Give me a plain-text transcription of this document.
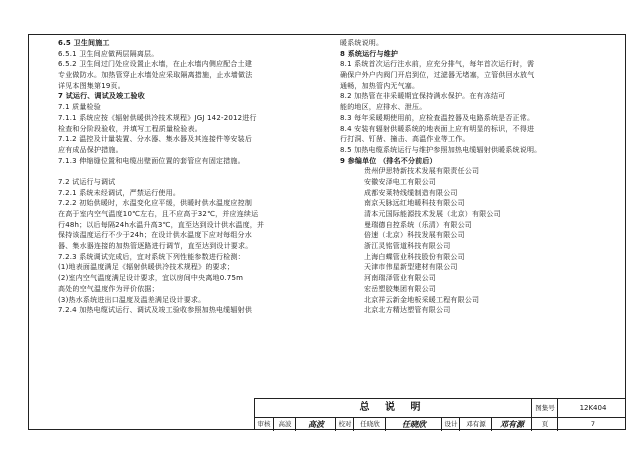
6.5 卫生间施工
6.5.1 卫生间应做两层隔离层。
6.5.2 卫生间过门处应设置止水墙，在止水墙内侧应配合土建
专业做防水。加热管穿止水墙处应采取隔离措施，止水墙做法
详见本图集第19页。
7 试运行、调试及竣工验收
7.1 质量检验
7.1.1 系统应按《辐射供暖供冷技术规程》JGJ 142-2012进行
检查和分阶段验收，并填写工程质量检验表。
7.1.2 温控及计量装置、分水器、集水器及其连接件等安装后
应有成品保护措施。
7.1.3 伸缩缝位置和电缆出壁面位置的套管应有固定措施。
7.2 试运行与调试
7.2.1 系统未经调试，严禁运行使用。
7.2.2 初始供暖时，水温变化应平缓，供暖时供水温度应控制
在高于室内空气温度10℃左右，且不应高于32℃，并应连续运
行48h；以后每隔24h水温升高3℃，直至达到设计供水温度，并
保持该温度运行不少于24h；在设计供水温度下应对每组分水
器、集水器连接的加热管逐路进行调节，直至达到设计要求。
7.2.3 系统调试完成后，宜对系统下列性能参数进行检测：
(1)地表面温度满足《辐射供暖供冷技术规程》的要求；
(2)室内空气温度满足设计要求，宜以房间中央离地0.75m
高处的空气温度作为评价依据；
(3)热水系统进出口温度及温差满足设计要求。
7.2.4 加热电缆试运行、调试及竣工验收参照加热电缆辐射供
暖系统说明。
8 系统运行与维护
8.1 系统首次运行注水前，应充分排气，每年首次运行时，需
确保户外户内阀门开启到位，过滤器无堵塞，立管供回水放气
通畅，加热管内无气塞。
8.2 加热管在非采暖期宜保持满水保护。在有冻结可
能的地区，应排水、泄压。
8.3 每年采暖期使用前，应检查温控器及电路系统是否正常。
8.4 安装有辐射供暖系统的地表面上应有明显的标识，不得进
行打洞、钉凿、撞击、高温作业等工作。
8.5 加热电缆系统运行与维护参照加热电缆辐射供暖系统说明。
9 参编单位 （排名不分前后）
贵州伊思特新技术发展有限责任公司
安徽安泽电工有限公司
成都安莱特线缆制造有限公司
南京天脉远红地暖科技有限公司
清本元国际能源技术发展（北京）有限公司
曼瑞德自控系统（乐清）有限公司
倍速（北京）科技发展有限公司
浙江灵铭管道科技有限公司
上海白蝶管业科技股份有限公司
天津市伟星新型建材有限公司
河南瑞泽管业有限公司
宏岳塑胶集团有限公司
北京祥云新金地板采暖工程有限公司
北京北方精达塑管有限公司
总 说 明	图集号	12K404
审核	高波	高波	校对	任晓欣	任晓欣	设计	邓有源	邓有源	页	7
